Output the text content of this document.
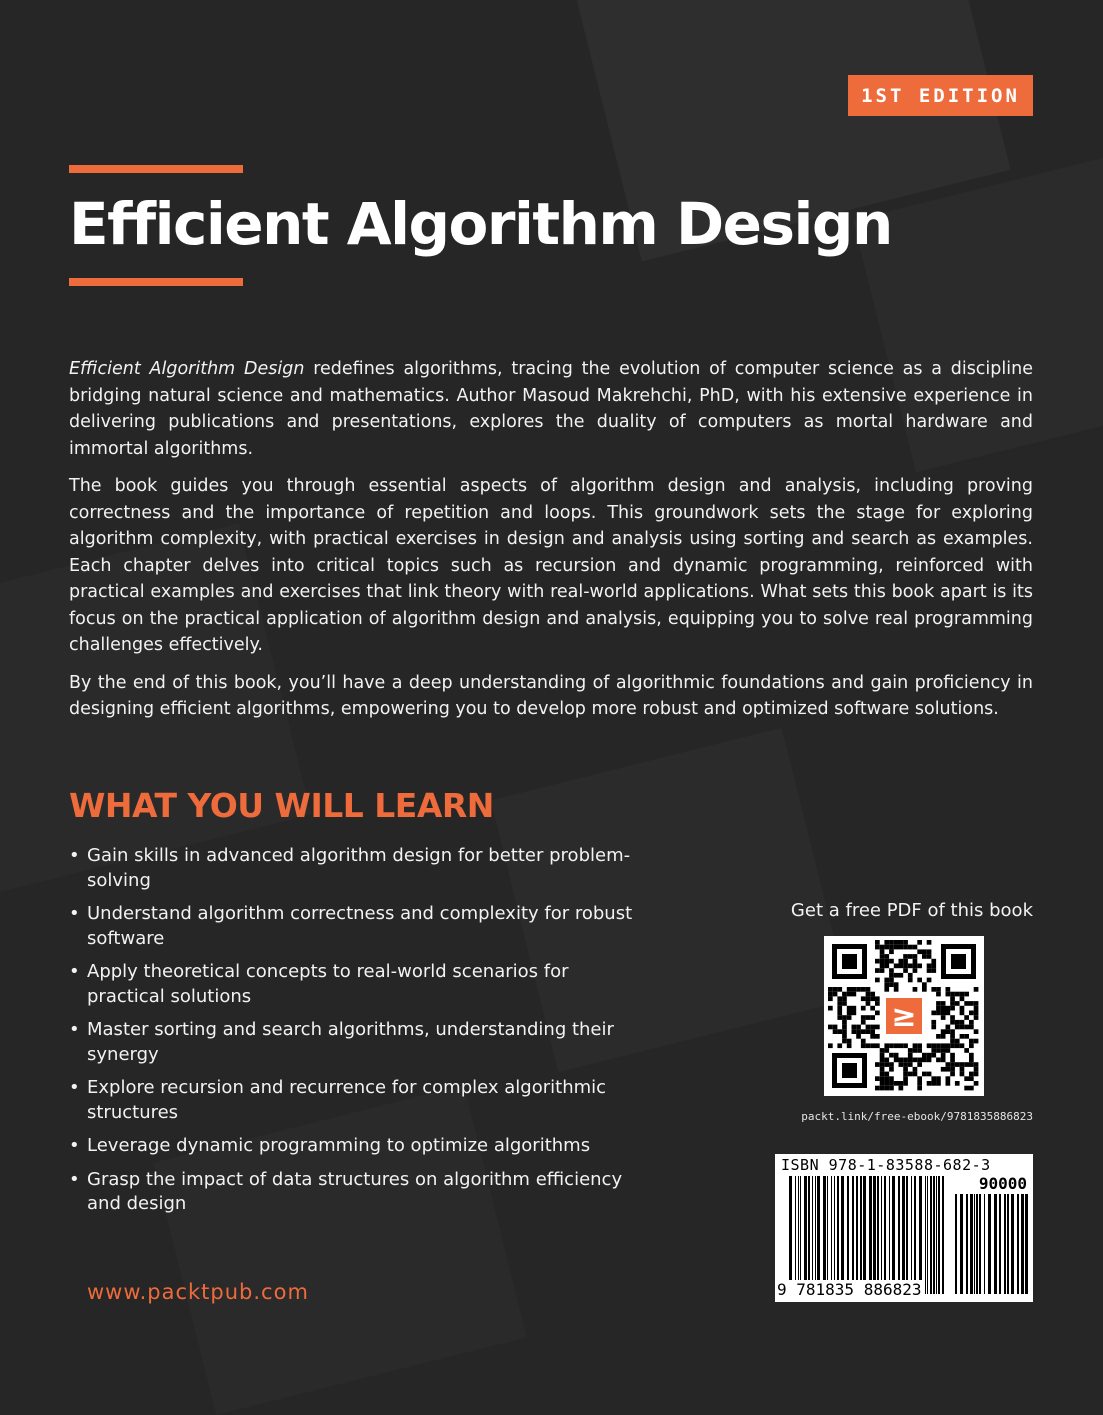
1ST EDITION
Efficient Algorithm Design

Efficient Algorithm Design redefines algorithms, tracing the evolution of computer science as a discipline bridging natural science and mathematics. Author Masoud Makrehchi, PhD, with his extensive experience in delivering publications and presentations, explores the duality of computers as mortal hardware and immortal algorithms.

The book guides you through essential aspects of algorithm design and analysis, including proving correctness and the importance of repetition and loops. This groundwork sets the stage for exploring algorithm complexity, with practical exercises in design and analysis using sorting and search as examples. Each chapter delves into critical topics such as recursion and dynamic programming, reinforced with practical examples and exercises that link theory with real-world applications. What sets this book apart is its focus on the practical application of algorithm design and analysis, equipping you to solve real programming challenges effectively.

By the end of this book, you’ll have a deep understanding of algorithmic foundations and gain proficiency in designing efficient algorithms, empowering you to develop more robust and optimized software solutions.

WHAT YOU WILL LEARN
• Gain skills in advanced algorithm design for better problem-solving
• Understand algorithm correctness and complexity for robust software
• Apply theoretical concepts to real-world scenarios for practical solutions
• Master sorting and search algorithms, understanding their synergy
• Explore recursion and recurrence for complex algorithmic structures
• Leverage dynamic programming to optimize algorithms
• Grasp the impact of data structures on algorithm efficiency and design
www.packtpub.com
Get a free PDF of this book
≥
packt.link/free-ebook/9781835886823
ISBN 978-1-83588-682-3
90000
9 781835 886823
